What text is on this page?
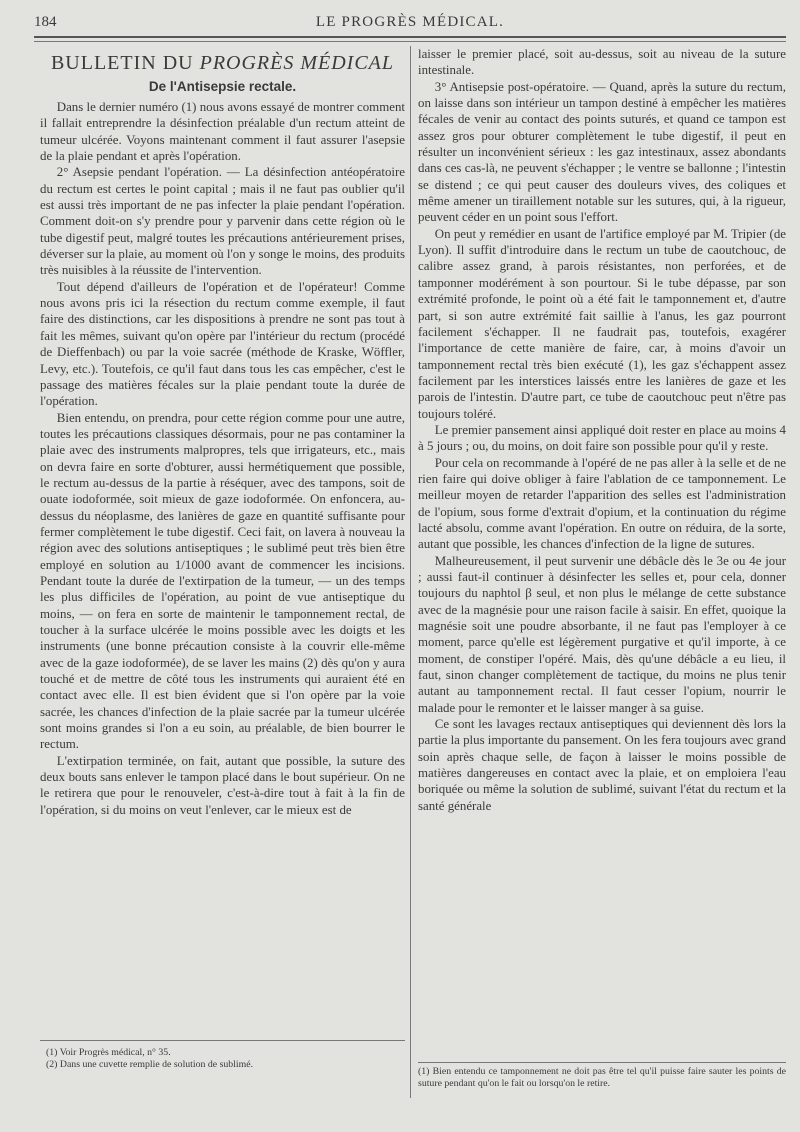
184	LE PROGRÈS MÉDICAL.
BULLETIN DU PROGRÈS MÉDICAL
De l'Antisepsie rectale.

Dans le dernier numéro (1) nous avons essayé de montrer comment il fallait entreprendre la désinfection préalable d'un rectum atteint de tumeur ulcérée. Voyons maintenant comment il faut assurer l'asepsie de la plaie pendant et après l'opération.

2° Asepsie pendant l'opération. — La désinfection antéopératoire du rectum est certes le point capital ; mais il ne faut pas oublier qu'il est aussi très important de ne pas infecter la plaie pendant l'opération. Comment doit-on s'y prendre pour y parvenir dans cette région où le tube digestif peut, malgré toutes les précautions antérieurement prises, déverser sur la plaie, au moment où l'on y songe le moins, des produits très nuisibles à la réussite de l'intervention.

Tout dépend d'ailleurs de l'opération et de l'opérateur! Comme nous avons pris ici la résection du rectum comme exemple, il faut faire des distinctions, car les dispositions à prendre ne sont pas tout à fait les mêmes, suivant qu'on opère par l'intérieur du rectum (procédé de Dieffenbach) ou par la voie sacrée (méthode de Kraske, Wöffler, Levy, etc.). Toutefois, ce qu'il faut dans tous les cas empêcher, c'est le passage des matières fécales sur la plaie pendant toute la durée de l'opération.

Bien entendu, on prendra, pour cette région comme pour une autre, toutes les précautions classiques désormais, pour ne pas contaminer la plaie avec des instruments malpropres, tels que irrigateurs, etc., mais on devra faire en sorte d'obturer, aussi hermétiquement que possible, le rectum au-dessus de la partie à réséquer, avec des tampons, soit de ouate iodoformée, soit mieux de gaze iodoformée. On enfoncera, au-dessus du néoplasme, des lanières de gaze en quantité suffisante pour fermer complètement le tube digestif. Ceci fait, on lavera à nouveau la région avec des solutions antiseptiques ; le sublimé peut très bien être employé en solution au 1/1000 avant de commencer les incisions. Pendant toute la durée de l'extirpation de la tumeur, — un des temps les plus difficiles de l'opération, au point de vue antiseptique du moins, — on fera en sorte de maintenir le tamponnement rectal, de toucher à la surface ulcérée le moins possible avec les doigts et les instruments (une bonne précaution consiste à la couvrir elle-même avec de la gaze iodoformée), de se laver les mains (2) dès qu'on y aura touché et de mettre de côté tous les instruments qui auraient été en contact avec elle. Il est bien évident que si l'on opère par la voie sacrée, les chances d'infection de la plaie sacrée par la tumeur ulcérée sont moins grandes si l'on a eu soin, au préalable, de bien bourrer le rectum.

L'extirpation terminée, on fait, autant que possible, la suture des deux bouts sans enlever le tampon placé dans le bout supérieur. On ne le retirera que pour le renouveler, c'est-à-dire tout à fait à la fin de l'opération, si du moins on veut l'enlever, car le mieux est de

laisser le premier placé, soit au-dessus, soit au niveau de la suture intestinale.

3° Antisepsie post-opératoire. — Quand, après la suture du rectum, on laisse dans son intérieur un tampon destiné à empêcher les matières fécales de venir au contact des points suturés, et quand ce tampon est assez gros pour obturer complètement le tube digestif, il peut en résulter un inconvénient sérieux : les gaz intestinaux, assez abondants dans ces cas-là, ne peuvent s'échapper ; le ventre se ballonne ; l'intestin se distend ; ce qui peut causer des douleurs vives, des coliques et même amener un tiraillement notable sur les sutures, qui, à la rigueur, peuvent céder en un point sous l'effort.

On peut y remédier en usant de l'artifice employé par M. Tripier (de Lyon). Il suffit d'introduire dans le rectum un tube de caoutchouc, de calibre assez grand, à parois résistantes, non perforées, et de tamponner modérément à son pourtour. Si le tube dépasse, par son extrémité profonde, le point où a été fait le tamponnement et, d'autre part, si son autre extrémité fait saillie à l'anus, les gaz pourront facilement s'échapper. Il ne faudrait pas, toutefois, exagérer l'importance de cette manière de faire, car, à moins d'avoir un tamponnement rectal très bien exécuté (1), les gaz s'échappent assez facilement par les interstices laissés entre les lanières de gaze et les parois de l'intestin. D'autre part, ce tube de caoutchouc peut n'être pas toujours toléré.

Le premier pansement ainsi appliqué doit rester en place au moins 4 à 5 jours ; ou, du moins, on doit faire son possible pour qu'il y reste.

Pour cela on recommande à l'opéré de ne pas aller à la selle et de ne rien faire qui doive obliger à faire l'ablation de ce tamponnement. Le meilleur moyen de retarder l'apparition des selles est l'administration de l'opium, sous forme d'extrait d'opium, et la continuation du régime lacté absolu, comme avant l'opération. En outre on réduira, de la sorte, autant que possible, les chances d'infection de la ligne de sutures.

Malheureusement, il peut survenir une débâcle dès le 3e ou 4e jour ; aussi faut-il continuer à désinfecter les selles et, pour cela, donner toujours du naphtol β seul, et non plus le mélange de cette substance avec de la magnésie pour une raison facile à saisir. En effet, quoique la magnésie soit une poudre absorbante, il ne faut pas l'employer à ce moment, parce qu'elle est légèrement purgative et qu'il importe, à ce moment, de constiper l'opéré. Mais, dès qu'une débâcle a eu lieu, il faut, sinon changer complètement de tactique, du moins ne plus tenir autant au tamponnement rectal. Il faut cesser l'opium, nourrir le malade pour le remonter et le laisser manger à sa guise.

Ce sont les lavages rectaux antiseptiques qui deviennent dès lors la partie la plus importante du pansement. On les fera toujours avec grand soin après chaque selle, de façon à laisser le moins possible de matières dangereuses en contact avec la plaie, et on emploiera l'eau boriquée ou même la solution de sublimé, suivant l'état du rectum et la santé générale

(1) Voir Progrès médical, n° 35.

(2) Dans une cuvette remplie de solution de sublimé.

(1) Bien entendu ce tamponnement ne doit pas être tel qu'il puisse faire sauter les points de suture pendant qu'on le fait ou lorsqu'on le retire.
